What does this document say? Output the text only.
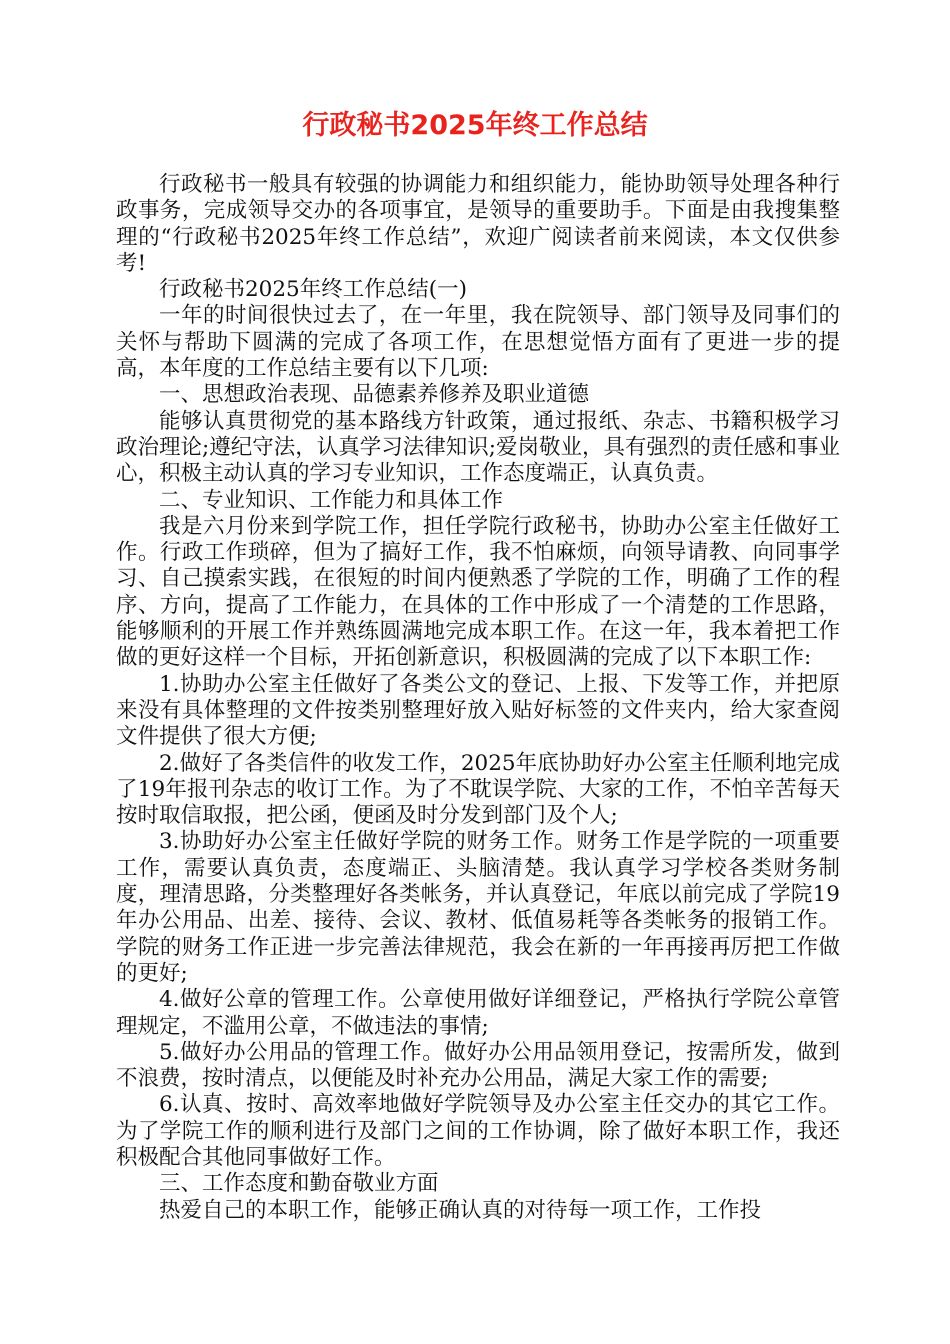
行政秘书2025年终工作总结

行政秘书一般具有较强的协调能力和组织能力，能协助领导处理各种行政事务，完成领导交办的各项事宜，是领导的重要助手。下面是由我搜集整理的“行政秘书2025年终工作总结”，欢迎广阅读者前来阅读，本文仅供参考!

行政秘书2025年终工作总结(一)

一年的时间很快过去了，在一年里，我在院领导、部门领导及同事们的关怀与帮助下圆满的完成了各项工作，在思想觉悟方面有了更进一步的提高，本年度的工作总结主要有以下几项:

一、思想政治表现、品德素养修养及职业道德

能够认真贯彻党的基本路线方针政策，通过报纸、杂志、书籍积极学习政治理论;遵纪守法，认真学习法律知识;爱岗敬业，具有强烈的责任感和事业心，积极主动认真的学习专业知识，工作态度端正，认真负责。

二、专业知识、工作能力和具体工作

我是六月份来到学院工作，担任学院行政秘书，协助办公室主任做好工作。行政工作琐碎，但为了搞好工作，我不怕麻烦，向领导请教、向同事学习、自己摸索实践，在很短的时间内便熟悉了学院的工作，明确了工作的程序、方向，提高了工作能力，在具体的工作中形成了一个清楚的工作思路，能够顺利的开展工作并熟练圆满地完成本职工作。在这一年，我本着把工作做的更好这样一个目标，开拓创新意识，积极圆满的完成了以下本职工作:

1.协助办公室主任做好了各类公文的登记、上报、下发等工作，并把原来没有具体整理的文件按类别整理好放入贴好标签的文件夹内，给大家查阅文件提供了很大方便;

2.做好了各类信件的收发工作，2025年底协助好办公室主任顺利地完成了19年报刊杂志的收订工作。为了不耽误学院、大家的工作，不怕辛苦每天按时取信取报，把公函，便函及时分发到部门及个人;

3.协助好办公室主任做好学院的财务工作。财务工作是学院的一项重要工作，需要认真负责，态度端正、头脑清楚。我认真学习学校各类财务制度，理清思路，分类整理好各类帐务，并认真登记，年底以前完成了学院19年办公用品、出差、接待、会议、教材、低值易耗等各类帐务的报销工作。学院的财务工作正进一步完善法律规范，我会在新的一年再接再厉把工作做的更好;

4.做好公章的管理工作。公章使用做好详细登记，严格执行学院公章管理规定，不滥用公章，不做违法的事情;

5.做好办公用品的管理工作。做好办公用品领用登记，按需所发，做到不浪费，按时清点，以便能及时补充办公用品，满足大家工作的需要;

6.认真、按时、高效率地做好学院领导及办公室主任交办的其它工作。为了学院工作的顺利进行及部门之间的工作协调，除了做好本职工作，我还积极配合其他同事做好工作。

三、工作态度和勤奋敬业方面

热爱自己的本职工作，能够正确认真的对待每一项工作，工作投
